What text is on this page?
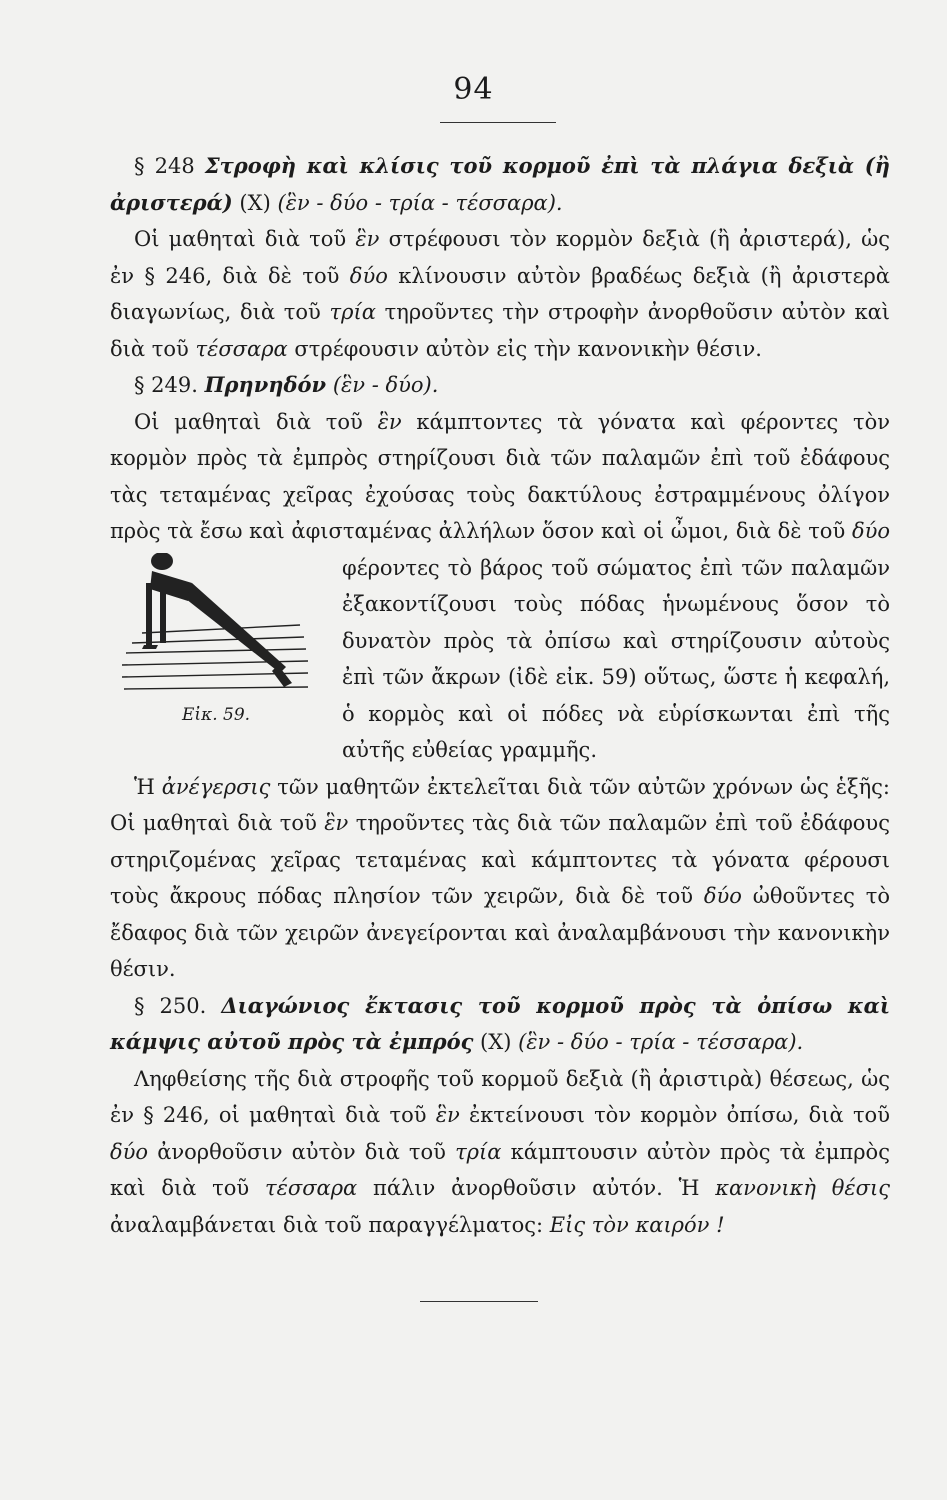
94

§ 248 Στροφὴ καὶ κλίσις τοῦ κορμοῦ ἐπὶ τὰ πλάγια δεξιὰ (ἢ ἀριστερά) (Χ) (ἓν - δύο - τρία - τέσσαρα).

Οἱ μαθηταὶ διὰ τοῦ ἓν στρέφουσι τὸν κορμὸν δεξιὰ (ἢ ἀριστερά), ὡς ἐν § 246, διὰ δὲ τοῦ δύο κλίνουσιν αὐτὸν βραδέως δεξιὰ (ἢ ἀριστερὰ διαγωνίως, διὰ τοῦ τρία τηροῦντες τὴν στροφὴν ἀνορθοῦσιν αὐτὸν καὶ διὰ τοῦ τέσσαρα στρέφουσιν αὐτὸν εἰς τὴν κανονικὴν θέσιν.

§ 249. Πρηνηδόν (ἓν - δύο).

Οἱ μαθηταὶ διὰ τοῦ ἓν κάμπτοντες τὰ γόνατα καὶ φέροντες τὸν κορμὸν πρὸς τὰ ἐμπρὸς στηρίζουσι διὰ τῶν παλαμῶν ἐπὶ τοῦ ἐδάφους τὰς τεταμένας χεῖρας ἐχούσας τοὺς δακτύλους ἐστραμμένους ὀλίγον πρὸς τὰ ἔσω καὶ ἀφισταμένας ἀλλήλων ὅσον καὶ οἱ ὦμοι, διὰ δὲ τοῦ
Εἰκ. 59.
δύο φέροντες τὸ βάρος τοῦ σώματος ἐπὶ τῶν παλαμῶν ἐξακοντίζουσι τοὺς πόδας ἡνωμένους ὅσον τὸ δυνατὸν πρὸς τὰ ὀπίσω καὶ στηρίζουσιν αὐτοὺς ἐπὶ τῶν ἄκρων (ἰδὲ εἰκ. 59) οὕτως, ὥστε ἡ κεφαλή, ὁ κορμὸς καὶ οἱ πόδες νὰ εὑρίσκωνται ἐπὶ τῆς αὐτῆς εὐθείας γραμμῆς.

Ἡ ἀνέγερσις τῶν μαθητῶν ἐκτελεῖται διὰ τῶν αὐτῶν χρόνων ὡς ἑξῆς: Οἱ μαθηταὶ διὰ τοῦ ἓν τηροῦντες τὰς διὰ τῶν παλαμῶν ἐπὶ τοῦ ἐδάφους στηριζομένας χεῖρας τεταμένας καὶ κάμπτοντες τὰ γόνατα φέρουσι τοὺς ἄκρους πόδας πλησίον τῶν χειρῶν, διὰ δὲ τοῦ δύο ὠθοῦντες τὸ ἔδαφος διὰ τῶν χειρῶν ἀνεγείρονται καὶ ἀναλαμβάνουσι τὴν κανονικὴν θέσιν.

§ 250. Διαγώνιος ἔκτασις τοῦ κορμοῦ πρὸς τὰ ὀπίσω καὶ κάμψις αὐτοῦ πρὸς τὰ ἐμπρός (Χ) (ἓν - δύο - τρία - τέσσαρα).

Ληφθείσης τῆς διὰ στροφῆς τοῦ κορμοῦ δεξιὰ (ἢ ἀριστιρὰ) θέσεως, ὡς ἐν § 246, οἱ μαθηταὶ διὰ τοῦ ἓν ἐκτείνουσι τὸν κορμὸν ὀπίσω, διὰ τοῦ δύο ἀνορθοῦσιν αὐτὸν διὰ τοῦ τρία κάμπτουσιν αὐτὸν πρὸς τὰ ἐμπρὸς καὶ διὰ τοῦ τέσσαρα πάλιν ἀνορθοῦσιν αὐτόν. Ἡ κανονικὴ θέσις ἀναλαμβάνεται διὰ τοῦ παραγγέλματος: Εἰς τὸν καιρόν !
